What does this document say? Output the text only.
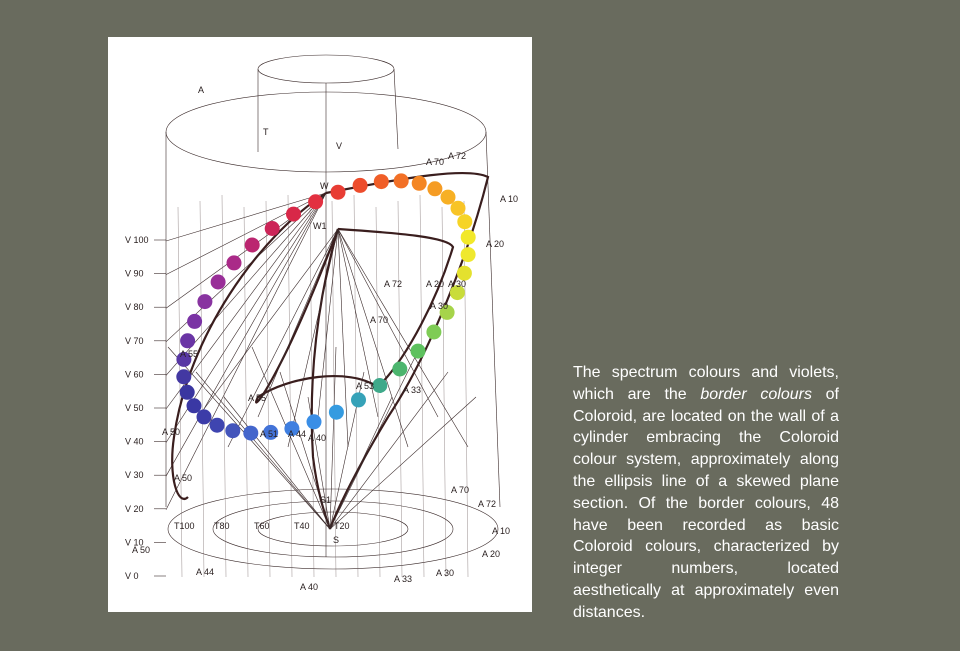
V 100
V 90
V 80
V 70
V 60
V 50
V 40
V 30
V 20
V 10
V 0
A
T
V
W
W1
S1
S
T100 T80	T60	T40	T20
A 50
A 44
A 40
A 33
A 30
A 20
A 10
A 72
A 70
A 70
A 72
A 10
A 20
A 30
A 33
A 50	A 51
A 55
A 44 A 40
A 55
A 70
A 72	A 20
A 30
A 53
A 50
The spectrum colours and violets, which are the border colours of Coloroid, are located on the wall of a cylinder embracing the Coloroid colour system, approximately along the ellipsis line of a skewed plane section. Of the border colours, 48 have been recorded as basic Coloroid colours, characterized by integer numbers, located aesthetically at approximately even distances.
